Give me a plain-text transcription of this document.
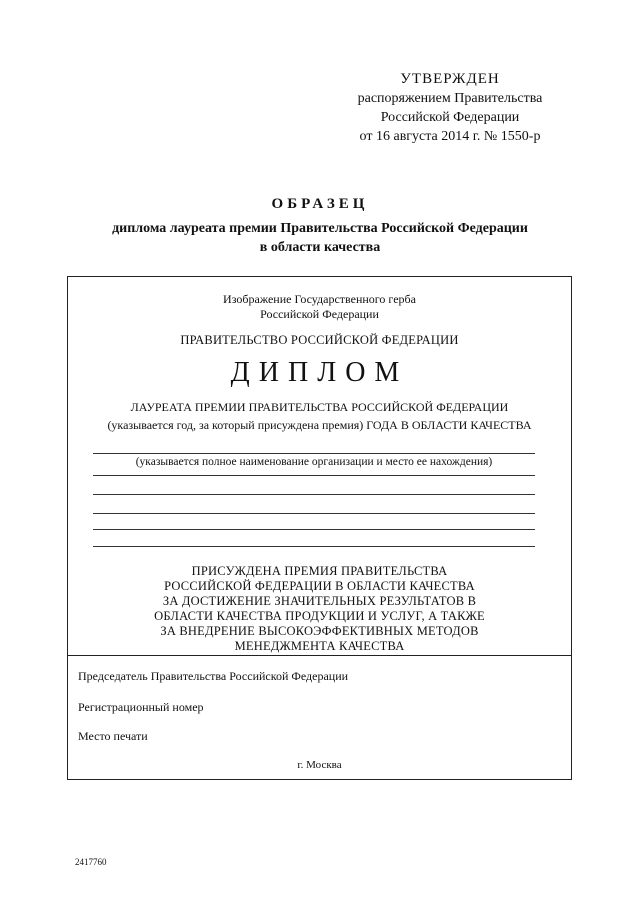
УТВЕРЖДЕН
распоряжением Правительства
Российской Федерации
от 16 августа 2014 г. № 1550-р
ОБРАЗЕЦ
диплома лауреата премии Правительства Российской Федерации
в области качества
Изображение Государственного герба
Российской Федерации
ПРАВИТЕЛЬСТВО РОССИЙСКОЙ ФЕДЕРАЦИИ
ДИПЛОМ
ЛАУРЕАТА ПРЕМИИ ПРАВИТЕЛЬСТВА РОССИЙСКОЙ ФЕДЕРАЦИИ
(указывается год, за который присуждена премия) ГОДА В ОБЛАСТИ КАЧЕСТВА
(указывается полное наименование организации и место ее нахождения)
ПРИСУЖДЕНА ПРЕМИЯ ПРАВИТЕЛЬСТВА
РОССИЙСКОЙ ФЕДЕРАЦИИ В ОБЛАСТИ КАЧЕСТВА
ЗА ДОСТИЖЕНИЕ ЗНАЧИТЕЛЬНЫХ РЕЗУЛЬТАТОВ В
ОБЛАСТИ КАЧЕСТВА ПРОДУКЦИИ И УСЛУГ, А ТАКЖЕ
ЗА ВНЕДРЕНИЕ ВЫСОКОЭФФЕКТИВНЫХ МЕТОДОВ
МЕНЕДЖМЕНТА КАЧЕСТВА
Председатель Правительства Российской Федерации
Регистрационный номер
Место печати
г. Москва
2417760
